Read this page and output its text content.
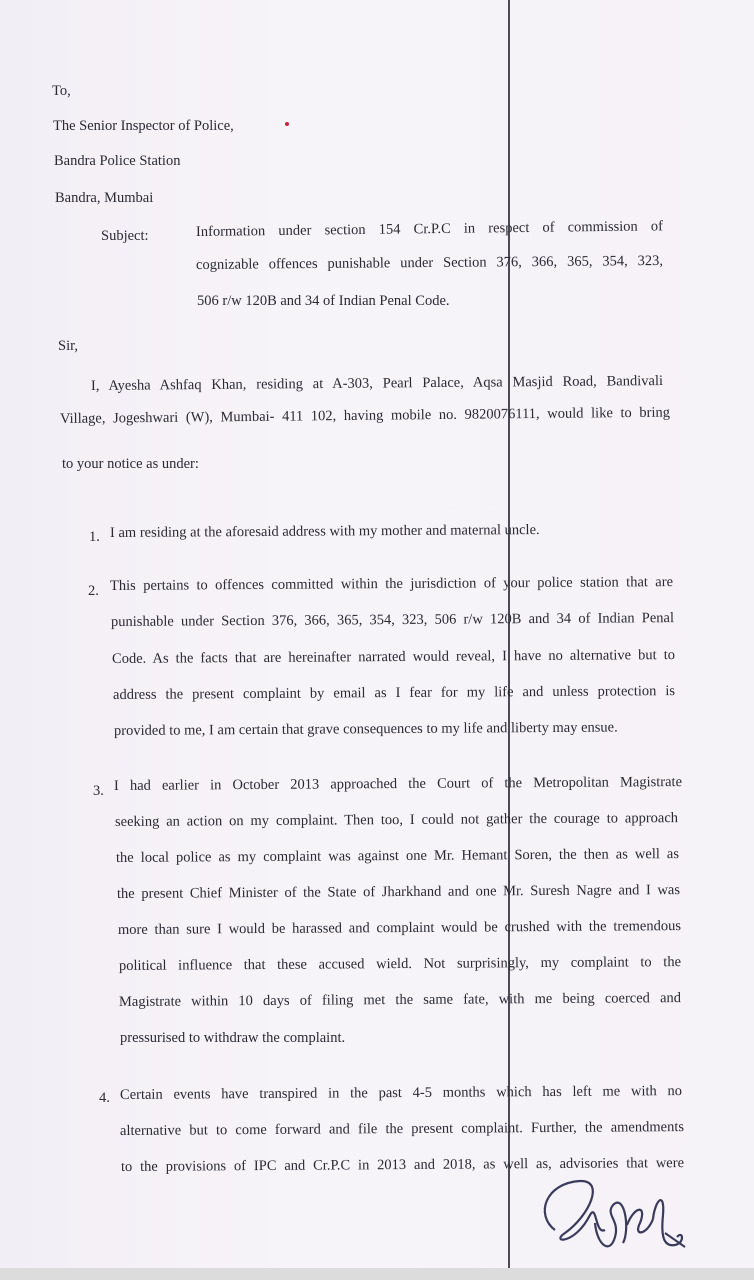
To,
The Senior Inspector of Police,
Bandra Police Station
Bandra, Mumbai
Subject:	Information under section 154 Cr.P.C in respect of commission of
cognizable offences punishable under Section 376, 366, 365, 354, 323,
506 r/w 120B and 34 of Indian Penal Code.
Sir,
I, Ayesha Ashfaq Khan, residing at A-303, Pearl Palace, Aqsa Masjid Road, Bandivali
Village, Jogeshwari (W), Mumbai- 411 102, having mobile no. 9820076111, would like to bring
to your notice as under:
1. I am residing at the aforesaid address with my mother and maternal uncle.
2. This pertains to offences committed within the jurisdiction of your police station that are
punishable under Section 376, 366, 365, 354, 323, 506 r/w 120B and 34 of Indian Penal
Code. As the facts that are hereinafter narrated would reveal, I have no alternative but to
address the present complaint by email as I fear for my life and unless protection is
provided to me, I am certain that grave consequences to my life and liberty may ensue.
3. I had earlier in October 2013 approached the Court of the Metropolitan Magistrate
seeking an action on my complaint. Then too, I could not gather the courage to approach
the local police as my complaint was against one Mr. Hemant Soren, the then as well as
the present Chief Minister of the State of Jharkhand and one Mr. Suresh Nagre and I was
more than sure I would be harassed and complaint would be crushed with the tremendous
political influence that these accused wield. Not surprisingly, my complaint to the
Magistrate within 10 days of filing met the same fate, with me being coerced and
pressurised to withdraw the complaint.
4. Certain events have transpired in the past 4-5 months which has left me with no
alternative but to come forward and file the present complaint. Further, the amendments
to the provisions of IPC and Cr.P.C in 2013 and 2018, as well as, advisories that were
